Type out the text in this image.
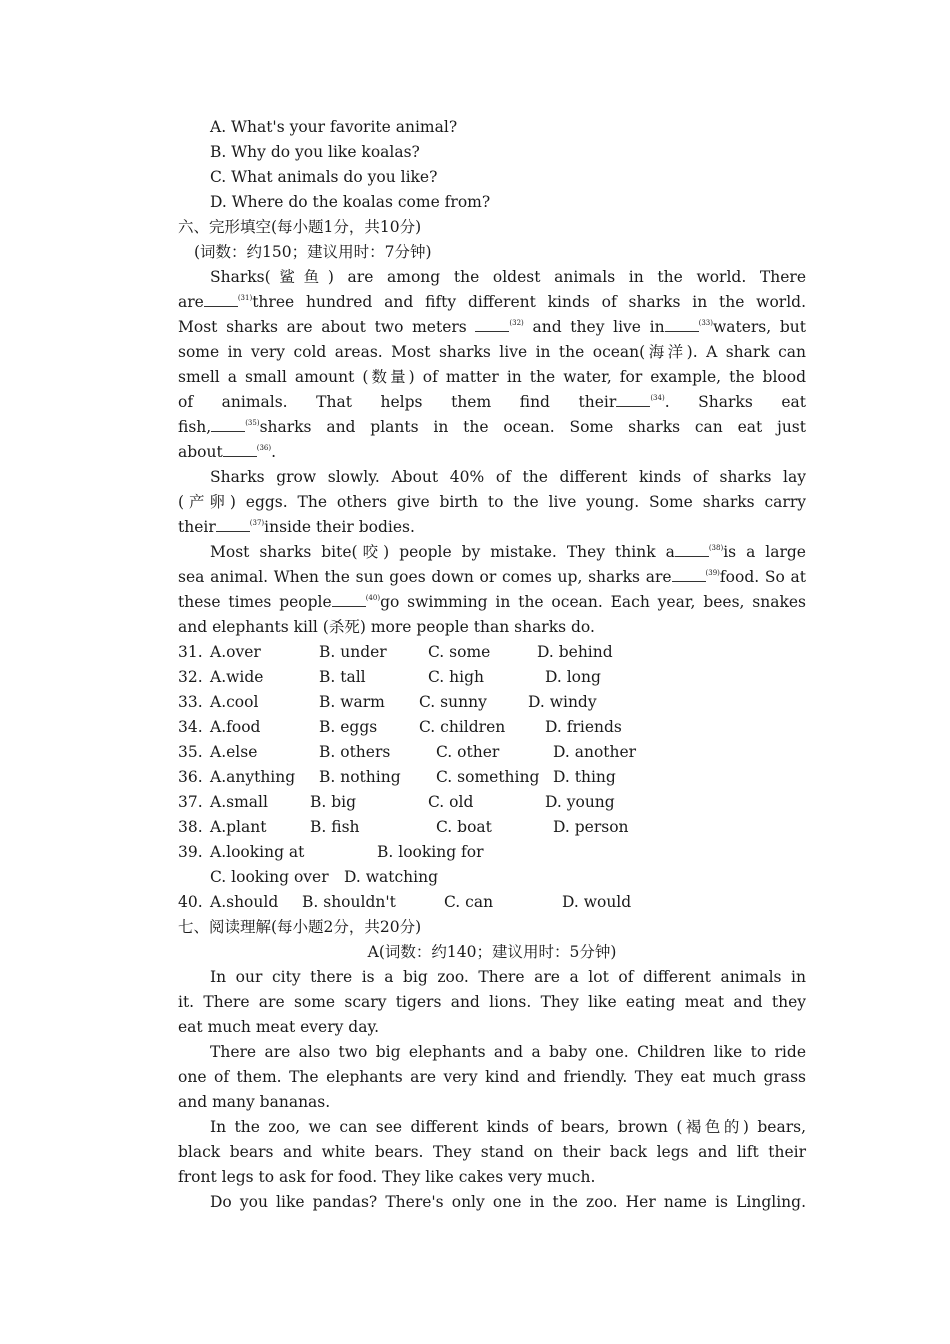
A. What's your favorite animal?
B. Why do you like koalas?
C. What animals do you like?
D. Where do the koalas come from?
六、完形填空(每小题1分，共10分)
(词数：约150；建议用时：7分钟)
Sharks(鲨鱼) are among the oldest animals in the world. There
are	$^{(31)}$three hundred and fifty different kinds of sharks in the world.
Most sharks are about two meters	$^{(32)}$ and they live in	$^{(33)}$waters, but
some in very cold areas. Most sharks live in the ocean(海洋). A shark can
smell a small amount (数量) of matter in the water, for example, the blood
of animals. That helps them find their	$^{(34)}$. Sharks eat
fish,	$^{(35)}$sharks and plants in the ocean. Some sharks can eat just
about	$^{(36)}$.
Sharks grow slowly. About 40% of the different kinds of sharks lay
(产卵) eggs. The others give birth to the live young. Some sharks carry
their	$^{(37)}$inside their bodies.
Most sharks bite(咬) people by mistake. They think a	$^{(38)}$is a large
sea animal. When the sun goes down or comes up, sharks are	$^{(39)}$food. So at
these times people	$^{(40)}$go swimming in the ocean. Each year, bees, snakes
and elephants kill (杀死) more people than sharks do.
31. A.over	B. under	C. some	D. behind
32. A.wide	B. tall	C. high	D. long
33. A.cool	B. warm C. sunny	D. windy
34. A.food	B. eggs	C. children	D. friends
35. A.else	B. others	C. other	D. another
36. A.anything B. nothing C. something D. thing
37. A.small	B. big	C. old	D. young
38. A.plant	B. fish	C. boat	D. person
39. A.looking at	B. looking for
C. looking over D. watching
40. A.should B. shouldn't	C. can	D. would
七、阅读理解(每小题2分，共20分)
A(词数：约140；建议用时：5分钟)
In our city there is a big zoo. There are a lot of different animals in
it. There are some scary tigers and lions. They like eating meat and they
eat much meat every day.
There are also two big elephants and a baby one. Children like to ride
one of them. The elephants are very kind and friendly. They eat much grass
and many bananas.
In the zoo, we can see different kinds of bears, brown (褐色的) bears,
black bears and white bears. They stand on their back legs and lift their
front legs to ask for food. They like cakes very much.
Do you like pandas? There's only one in the zoo. Her name is Lingling.
